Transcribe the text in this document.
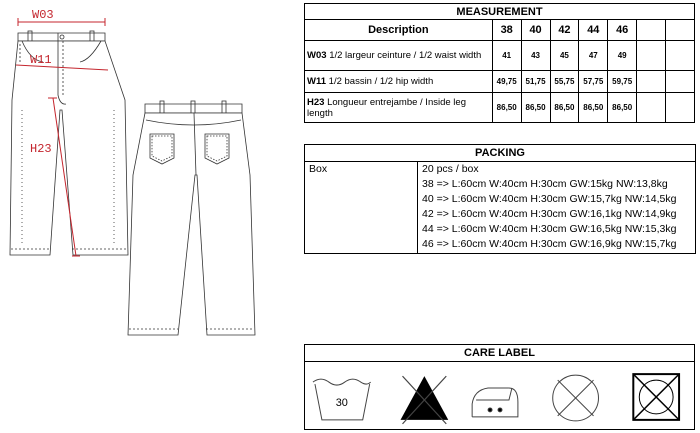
W03
W11
H23
MEASUREMENT							
Description	38	40	42	44	46		
W03 1/2 largeur ceinture / 1/2 waist width	41	43	45	47	49		
W11 1/2 bassin / 1/2 hip width	49,75	51,75	55,75	57,75	59,75		
H23 Longueur entrejambe / Inside leg length	86,50	86,50	86,50	86,50	86,50		
PACKING
Box	20 pcs / box
38 => L:60cm W:40cm H:30cm GW:15kg NW:13,8kg
40 => L:60cm W:40cm H:30cm GW:15,7kg NW:14,5kg
42 => L:60cm W:40cm H:30cm GW:16,1kg NW:14,9kg
44 => L:60cm W:40cm H:30cm GW:16,5kg NW:15,3kg
46 => L:60cm W:40cm H:30cm GW:16,9kg NW:15,7kg
CARE LABEL
30
